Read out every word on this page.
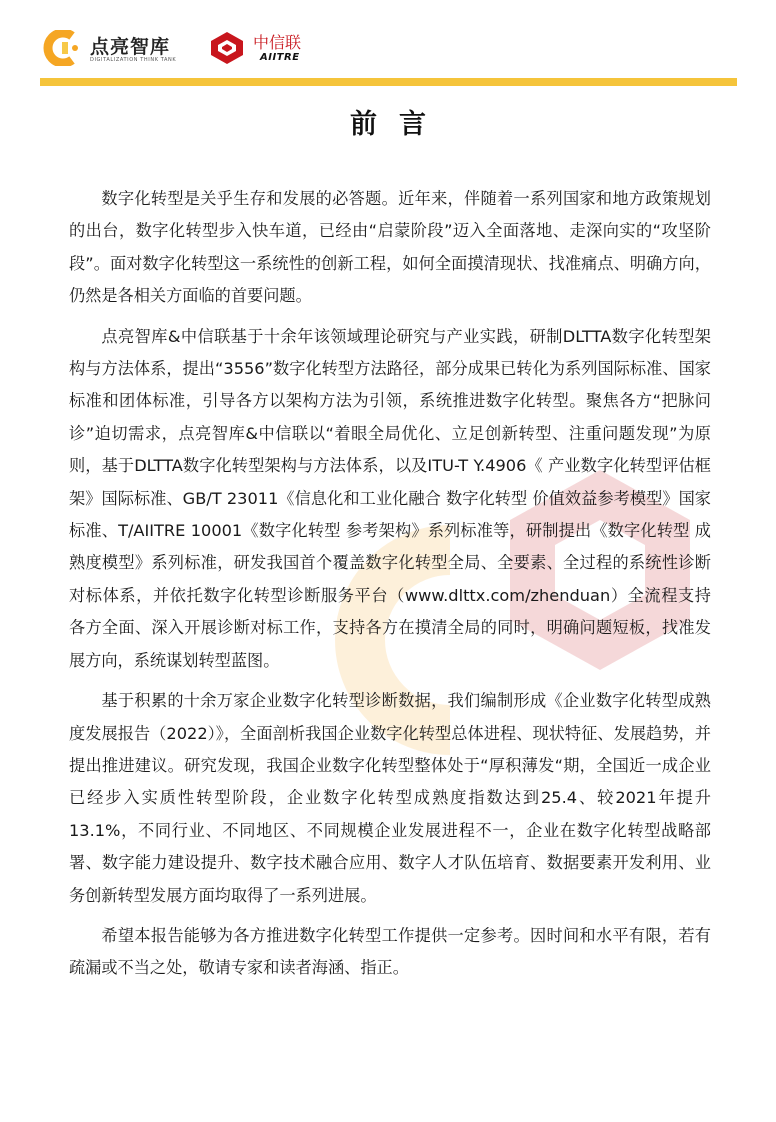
点亮智库
DIGITALIZATION THINK TANK
中信联
AIITRE
前言

数字化转型是关乎生存和发展的必答题。近年来，伴随着一系列国家和地方政策规划的出台，数字化转型步入快车道，已经由“启蒙阶段”迈入全面落地、走深向实的“攻坚阶段”。面对数字化转型这一系统性的创新工程，如何全面摸清现状、找准痛点、明确方向，仍然是各相关方面临的首要问题。

点亮智库&中信联基于十余年该领域理论研究与产业实践，研制DLTTA数字化转型架构与方法体系，提出“3556”数字化转型方法路径，部分成果已转化为系列国际标准、国家标准和团体标准，引导各方以架构方法为引领，系统推进数字化转型。聚焦各方“把脉问诊”迫切需求，点亮智库&中信联以“着眼全局优化、立足创新转型、注重问题发现”为原则，基于DLTTA数字化转型架构与方法体系，以及ITU-T Y.4906《 产业数字化转型评估框架》国际标准、GB/T 23011《信息化和工业化融合 数字化转型 价值效益参考模型》国家标准、T/AIITRE 10001《数字化转型 参考架构》系列标准等，研制提出《数字化转型 成熟度模型》系列标准，研发我国首个覆盖数字化转型全局、全要素、全过程的系统性诊断对标体系，并依托数字化转型诊断服务平台（www.dlttx.com/zhenduan）全流程支持各方全面、深入开展诊断对标工作，支持各方在摸清全局的同时，明确问题短板，找准发展方向，系统谋划转型蓝图。

基于积累的十余万家企业数字化转型诊断数据，我们编制形成《企业数字化转型成熟度发展报告（2022）》，全面剖析我国企业数字化转型总体进程、现状特征、发展趋势，并提出推进建议。研究发现，我国企业数字化转型整体处于“厚积薄发“期，全国近一成企业已经步入实质性转型阶段，企业数字化转型成熟度指数达到25.4、较2021年提升13.1%，不同行业、不同地区、不同规模企业发展进程不一，企业在数字化转型战略部署、数字能力建设提升、数字技术融合应用、数字人才队伍培育、数据要素开发利用、业务创新转型发展方面均取得了一系列进展。

希望本报告能够为各方推进数字化转型工作提供一定参考。因时间和水平有限，若有疏漏或不当之处，敬请专家和读者海涵、指正。
